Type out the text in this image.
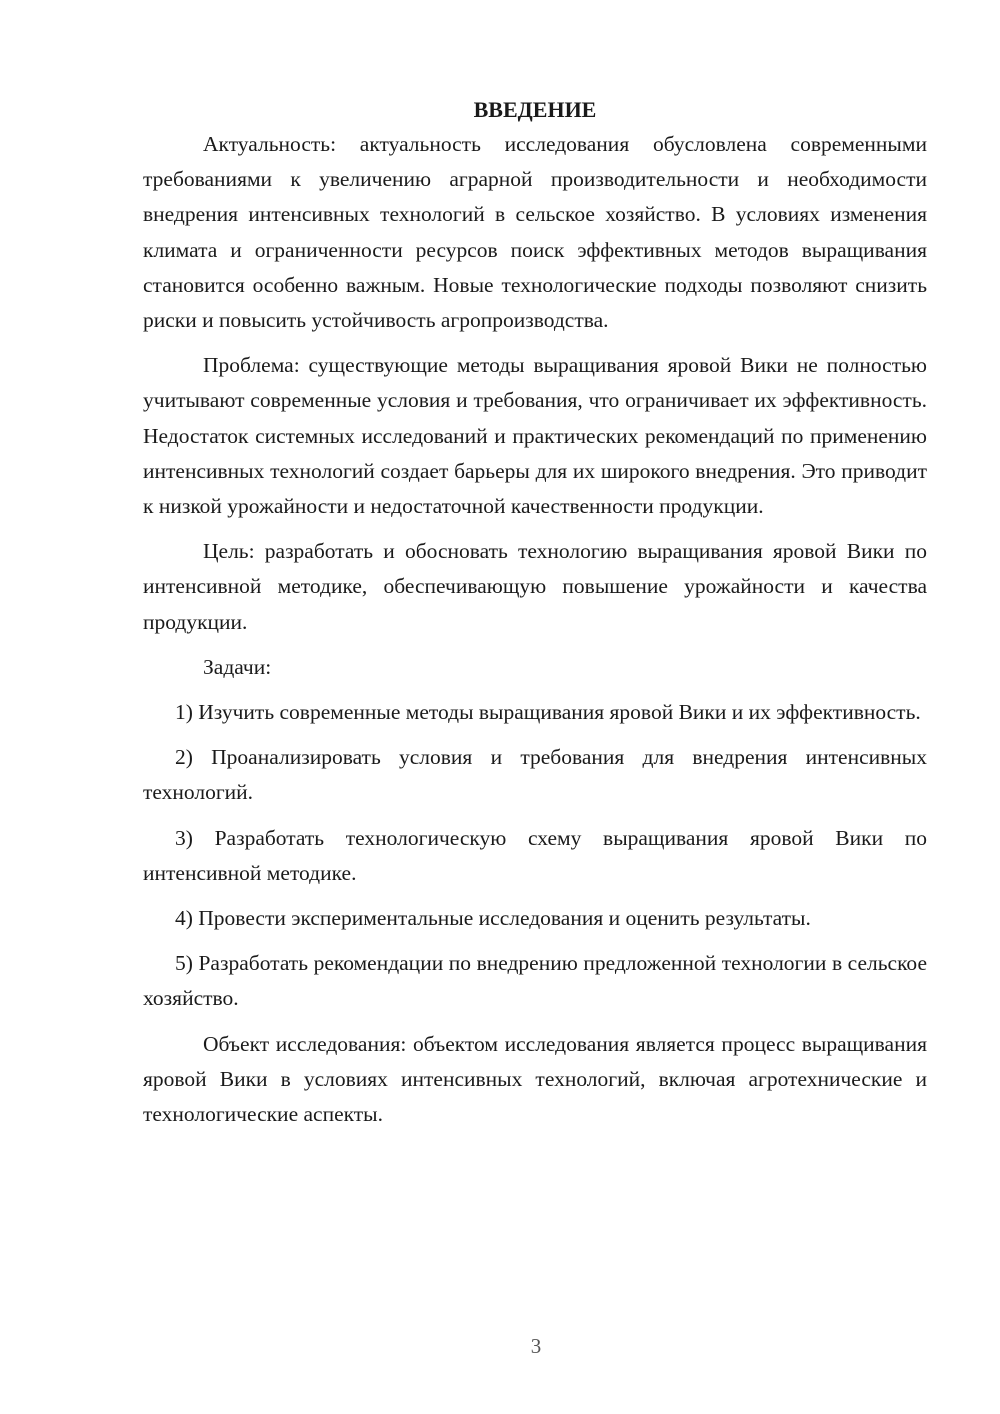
ВВЕДЕНИЕ

Актуальность: актуальность исследования обусловлена современными требованиями к увеличению аграрной производительности и необходимости внедрения интенсивных технологий в сельское хозяйство. В условиях изменения климата и ограниченности ресурсов поиск эффективных методов выращивания становится особенно важным. Новые технологические подходы позволяют снизить риски и повысить устойчивость агропроизводства.

Проблема: существующие методы выращивания яровой Вики не полностью учитывают современные условия и требования, что ограничивает их эффективность. Недостаток системных исследований и практических рекомендаций по применению интенсивных технологий создает барьеры для их широкого внедрения. Это приводит к низкой урожайности и недостаточной качественности продукции.

Цель: разработать и обосновать технологию выращивания яровой Вики по интенсивной методике, обеспечивающую повышение урожайности и качества продукции.

Задачи:

1) Изучить современные методы выращивания яровой Вики и их эффективность.

2) Проанализировать условия и требования для внедрения интенсивных технологий.

3) Разработать технологическую схему выращивания яровой Вики по интенсивной методике.

4) Провести экспериментальные исследования и оценить результаты.

5) Разработать рекомендации по внедрению предложенной технологии в сельское хозяйство.

Объект исследования: объектом исследования является процесс выращивания яровой Вики в условиях интенсивных технологий, включая агротехнические и технологические аспекты.

3
